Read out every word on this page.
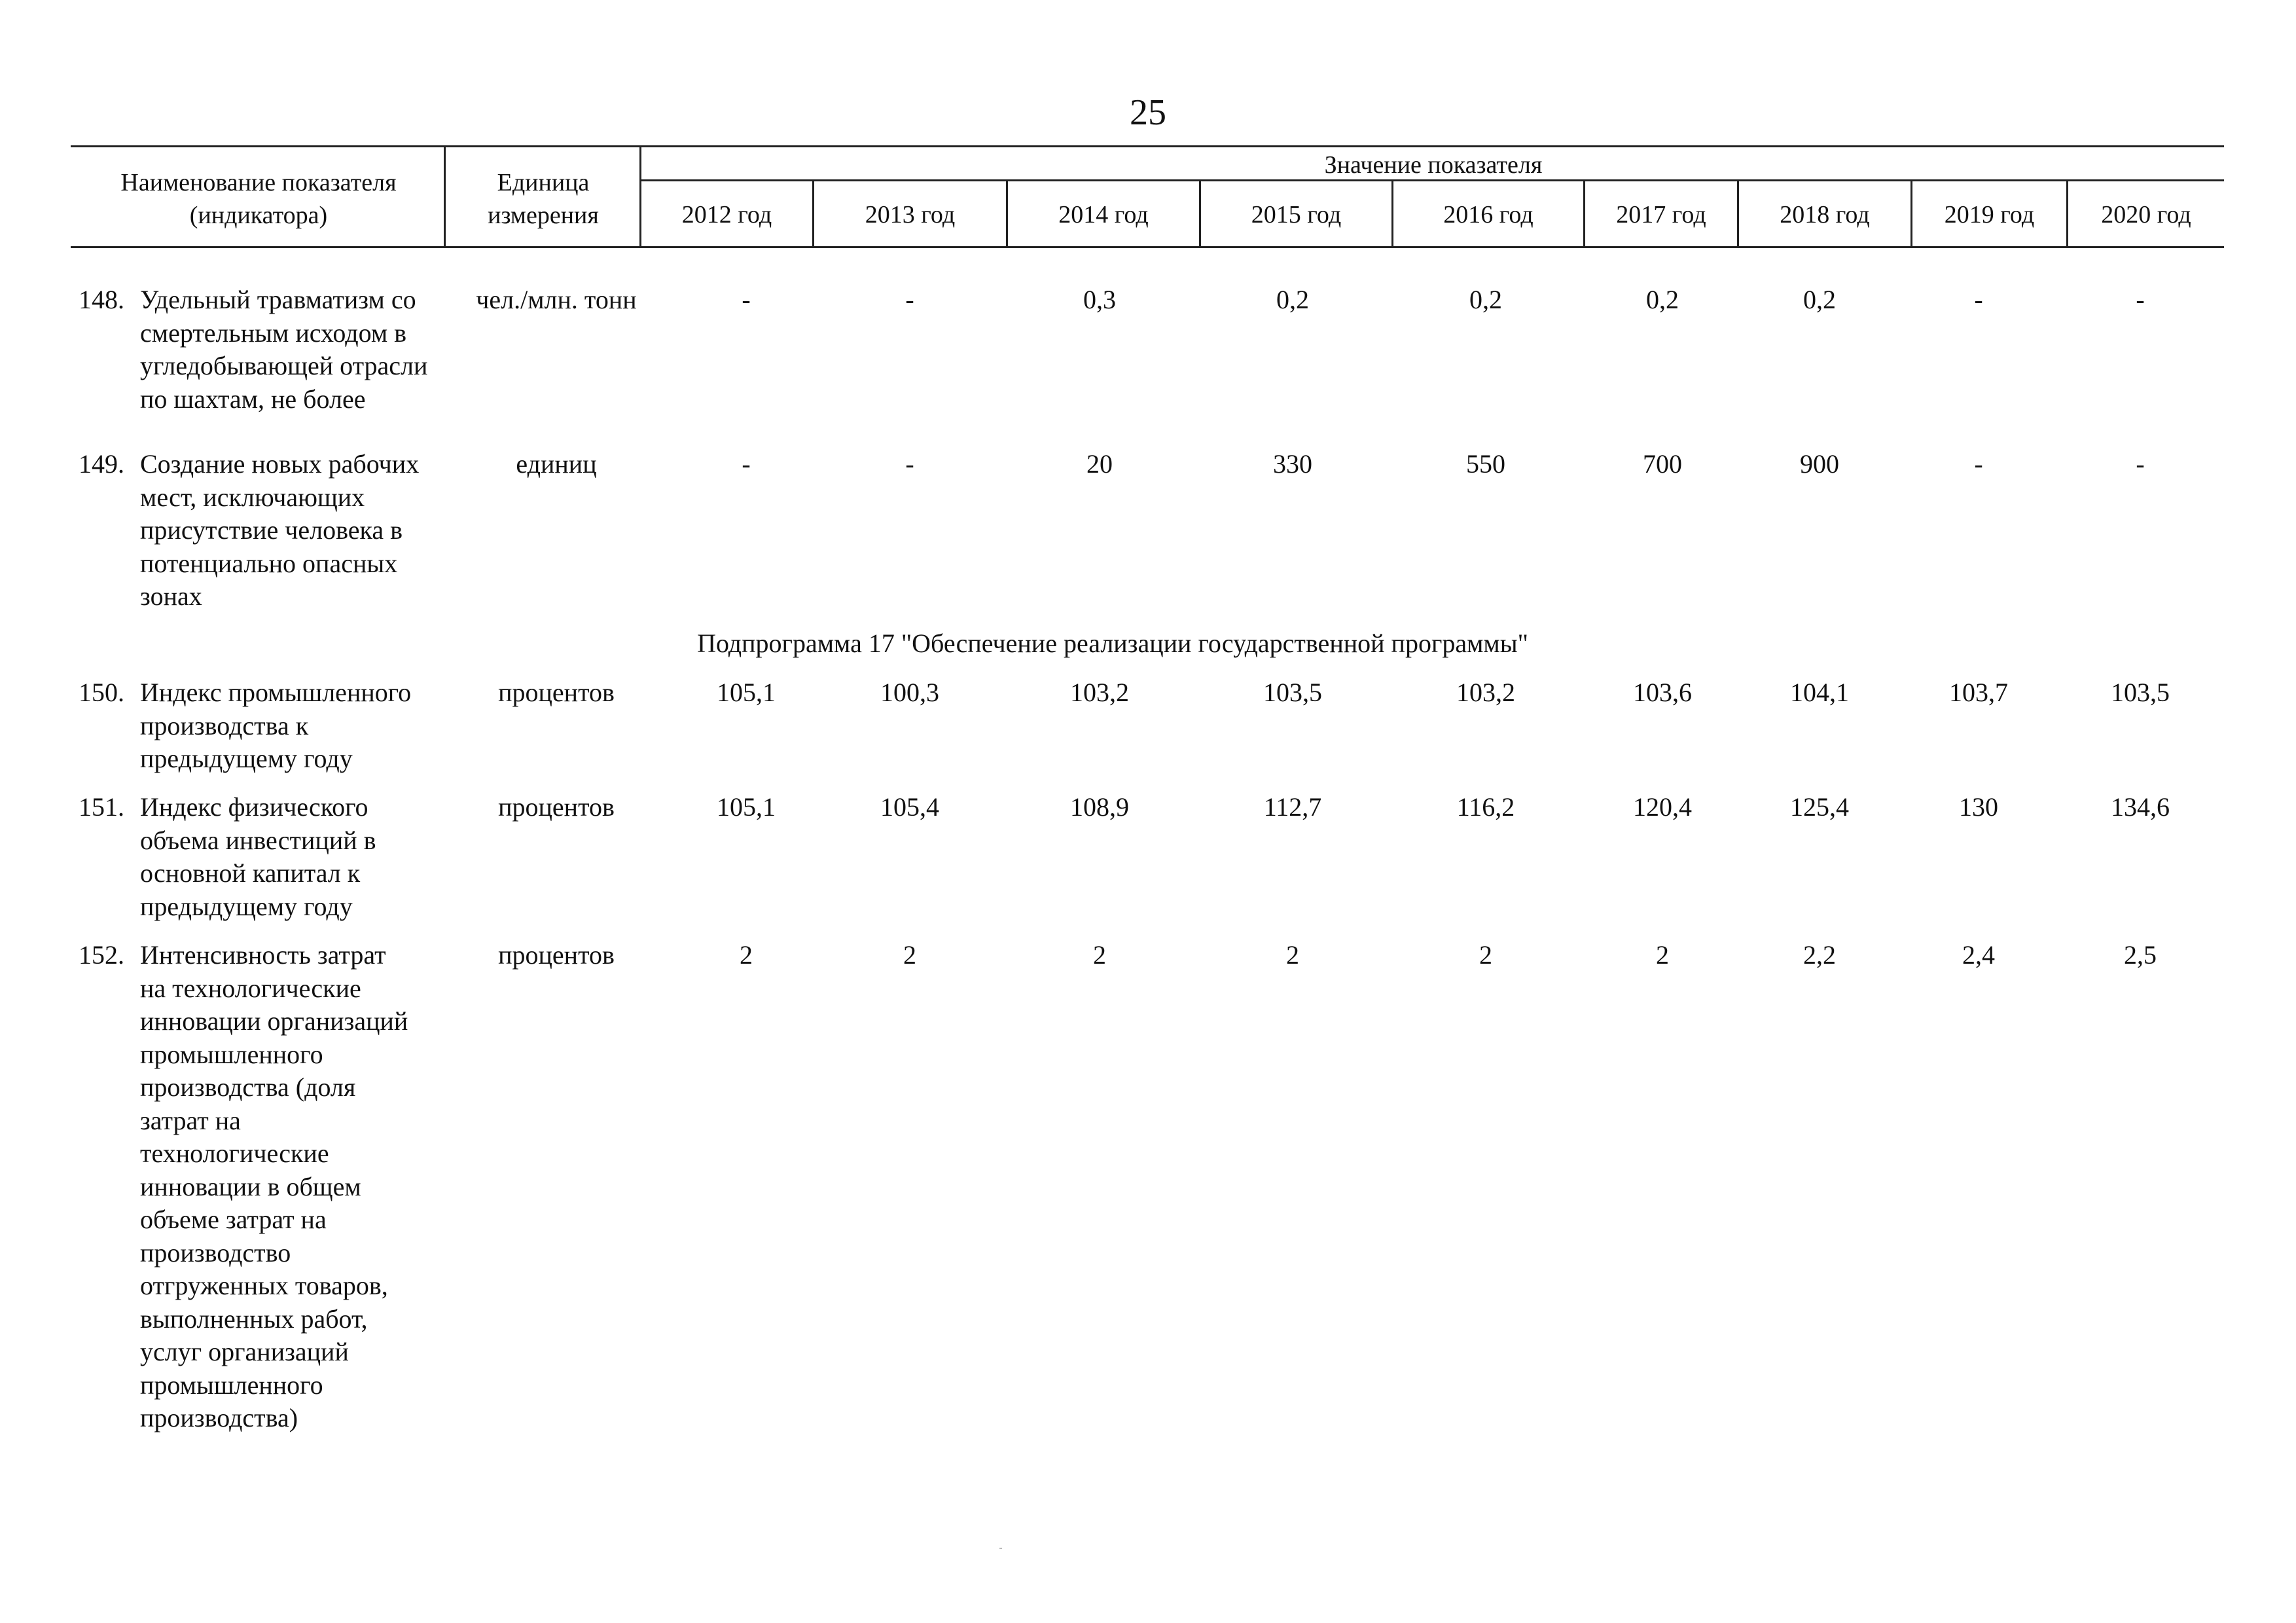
25
Наименование показателя (индикатора)
Единица измерения
Значение показателя
2012 год	2013 год	2014 год	2015 год	2016 год	2017 год	2018 год	2019 год	2020 год
148. Удельный травматизм со
смертельным исходом в
угледобывающей отрасли
по шахтам, не более
чел./млн. тонн	-	-	0,3	0,2	0,2	0,2	0,2	-	-
149. Создание новых рабочих
мест, исключающих
присутствие человека в
потенциально опасных
зонах
единиц	-	-	20	330	550	700	900	-	-
Подпрограмма 17 "Обеспечение реализации государственной программы"
150. Индекс промышленного
производства к
предыдущему году
процентов	105,1	100,3	103,2	103,5	103,2	103,6	104,1	103,7	103,5
151. Индекс физического
объема инвестиций в
основной капитал к
предыдущему году
процентов	105,1	105,4	108,9	112,7	116,2	120,4	125,4	130	134,6
152. Интенсивность затрат
на технологические
инновации организаций
промышленного
производства (доля
затрат на
технологические
инновации в общем
объеме затрат на
производство
отгруженных товаров,
выполненных работ,
услуг организаций
промышленного
производства)
процентов	2	2	2	2	2	2	2,2	2,4	2,5
